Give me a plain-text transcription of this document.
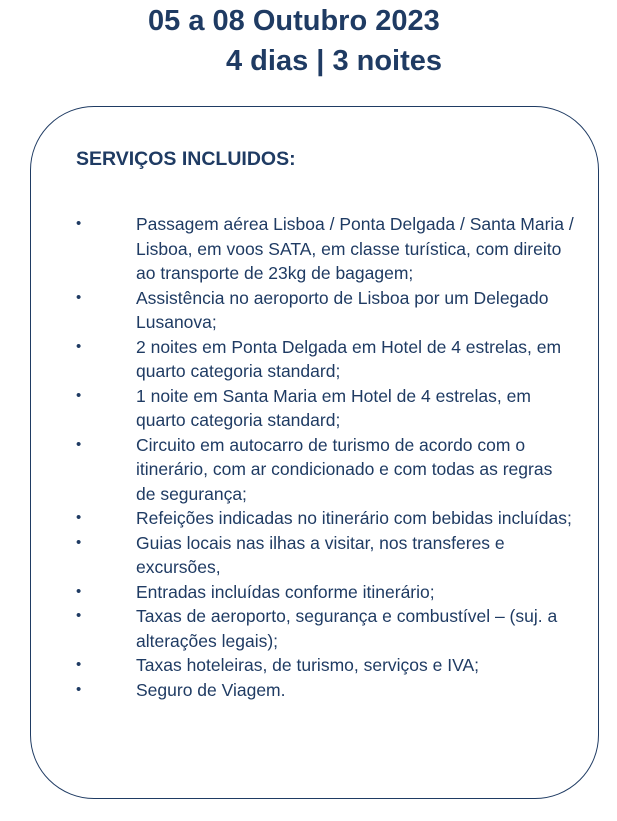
05 a 08 Outubro 2023
4 dias | 3 noites
SERVIÇOS INCLUIDOS:
•	Passagem aérea Lisboa / Ponta Delgada / Santa Maria / Lisboa, em voos SATA, em classe turística, com direito ao transporte de 23kg de bagagem;
•	Assistência no aeroporto de Lisboa por um Delegado Lusanova;
•	2 noites em Ponta Delgada em Hotel de 4 estrelas, em quarto categoria standard;
•	1 noite em Santa Maria em Hotel de 4 estrelas, em quarto categoria standard;
•	Circuito em autocarro de turismo de acordo com o itinerário, com ar condicionado e com todas as regras de segurança;
•	Refeições indicadas no itinerário com bebidas incluídas;
•	Guias locais nas ilhas a visitar, nos transferes e excursões,
•	Entradas incluídas conforme itinerário;
•	Taxas de aeroporto, segurança e combustível – (suj. a alterações legais);
•	Taxas hoteleiras, de turismo, serviços e IVA;
•	Seguro de Viagem.
